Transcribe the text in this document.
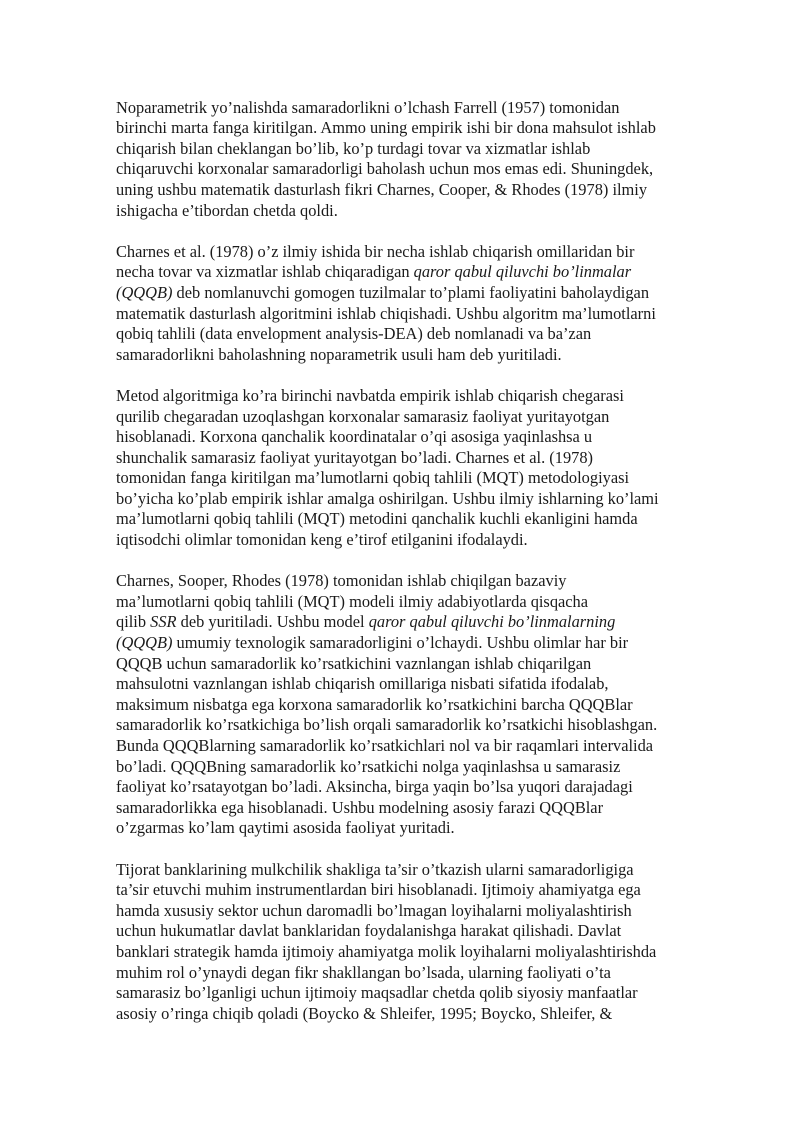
Noparametrik yo’nalishda samaradorlikni o’lchash Farrell (1957) tomonidan
birinchi marta fanga kiritilgan. Ammo uning empirik ishi bir dona mahsulot ishlab
chiqarish bilan cheklangan bo’lib, ko’p turdagi tovar va xizmatlar ishlab
chiqaruvchi korxonalar samaradorligi baholash uchun mos emas edi. Shuningdek,
uning ushbu matematik dasturlash fikri Charnes, Cooper, & Rhodes (1978) ilmiy
ishigacha e’tibordan chetda qoldi.

Charnes et al. (1978) o’z ilmiy ishida bir necha ishlab chiqarish omillaridan bir
necha tovar va xizmatlar ishlab chiqaradigan qaror qabul qiluvchi bo’linmalar
(QQQB) deb nomlanuvchi gomogen tuzilmalar to’plami faoliyatini baholaydigan
matematik dasturlash algoritmini ishlab chiqishadi. Ushbu algoritm ma’lumotlarni
qobiq tahlili (data envelopment analysis-DEA) deb nomlanadi va ba’zan
samaradorlikni baholashning noparametrik usuli ham deb yuritiladi.

Metod algoritmiga ko’ra birinchi navbatda empirik ishlab chiqarish chegarasi
qurilib chegaradan uzoqlashgan korxonalar samarasiz faoliyat yuritayotgan
hisoblanadi. Korxona qanchalik koordinatalar o’qi asosiga yaqinlashsa u
shunchalik samarasiz faoliyat yuritayotgan bo’ladi. Charnes et al. (1978)
tomonidan fanga kiritilgan ma’lumotlarni qobiq tahlili (MQT) metodologiyasi
bo’yicha ko’plab empirik ishlar amalga oshirilgan. Ushbu ilmiy ishlarning ko’lami
ma’lumotlarni qobiq tahlili (MQT) metodini qanchalik kuchli ekanligini hamda
iqtisodchi olimlar tomonidan keng e’tirof etilganini ifodalaydi.

Charnes, Sooper, Rhodes (1978) tomonidan ishlab chiqilgan bazaviy
ma’lumotlarni qobiq tahlili (MQT) modeli ilmiy adabiyotlarda qisqacha
qilib SSR deb yuritiladi. Ushbu model qaror qabul qiluvchi bo’linmalarning
(QQQB) umumiy texnologik samaradorligini o’lchaydi. Ushbu olimlar har bir
QQQB uchun samaradorlik ko’rsatkichini vaznlangan ishlab chiqarilgan
mahsulotni vaznlangan ishlab chiqarish omillariga nisbati sifatida ifodalab,
maksimum nisbatga ega korxona samaradorlik ko’rsatkichini barcha QQQBlar
samaradorlik ko’rsatkichiga bo’lish orqali samaradorlik ko’rsatkichi hisoblashgan.
Bunda QQQBlarning samaradorlik ko’rsatkichlari nol va bir raqamlari intervalida
bo’ladi. QQQBning samaradorlik ko’rsatkichi nolga yaqinlashsa u samarasiz
faoliyat ko’rsatayotgan bo’ladi. Aksincha, birga yaqin bo’lsa yuqori darajadagi
samaradorlikka ega hisoblanadi. Ushbu modelning asosiy farazi QQQBlar
o’zgarmas ko’lam qaytimi asosida faoliyat yuritadi.

Tijorat banklarining mulkchilik shakliga ta’sir o’tkazish ularni samaradorligiga
ta’sir etuvchi muhim instrumentlardan biri hisoblanadi. Ijtimoiy ahamiyatga ega
hamda xususiy sektor uchun daromadli bo’lmagan loyihalarni moliyalashtirish
uchun hukumatlar davlat banklaridan foydalanishga harakat qilishadi. Davlat
banklari strategik hamda ijtimoiy ahamiyatga molik loyihalarni moliyalashtirishda
muhim rol o’ynaydi degan fikr shakllangan bo’lsada, ularning faoliyati o’ta
samarasiz bo’lganligi uchun ijtimoiy maqsadlar chetda qolib siyosiy manfaatlar
asosiy o’ringa chiqib qoladi (Boycko & Shleifer, 1995; Boycko, Shleifer, &
